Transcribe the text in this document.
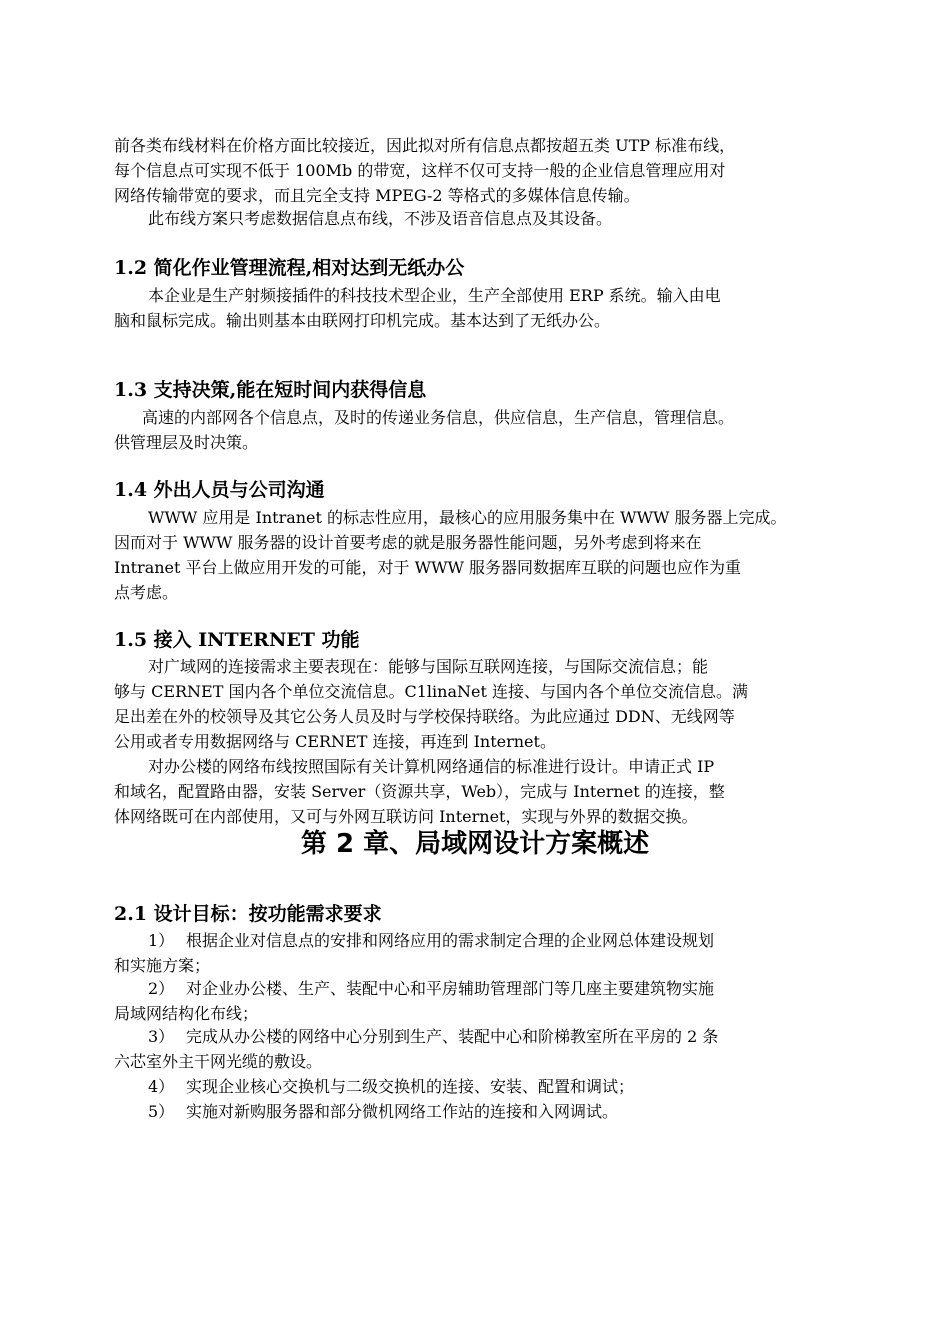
前各类布线材料在价格方面比较接近，因此拟对所有信息点都按超五类 UTP 标准布线，
每个信息点可实现不低于 100Mb 的带宽，这样不仅可支持一般的企业信息管理应用对
网络传输带宽的要求，而且完全支持 MPEG-2 等格式的多媒体信息传输。

此布线方案只考虑数据信息点布线，不涉及语音信息点及其设备。

1.2 简化作业管理流程,相对达到无纸办公

本企业是生产射频接插件的科技技术型企业，生产全部使用 ERP 系统。输入由电
脑和鼠标完成。输出则基本由联网打印机完成。基本达到了无纸办公。

1.3 支持决策,能在短时间内获得信息

高速的内部网各个信息点，及时的传递业务信息，供应信息，生产信息，管理信息。
供管理层及时决策。

1.4 外出人员与公司沟通

WWW 应用是 Intranet 的标志性应用，最核心的应用服务集中在 WWW 服务器上完成。
因而对于 WWW 服务器的设计首要考虑的就是服务器性能问题，另外考虑到将来在
Intranet 平台上做应用开发的可能，对于 WWW 服务器同数据库互联的问题也应作为重
点考虑。

1.5 接入 INTERNET 功能

对广域网的连接需求主要表现在：能够与国际互联网连接，与国际交流信息；能
够与 CERNET 国内各个单位交流信息。C1linaNet 连接、与国内各个单位交流信息。满
足出差在外的校领导及其它公务人员及时与学校保持联络。为此应通过 DDN、无线网等
公用或者专用数据网络与 CERNET 连接，再连到 Internet。

对办公楼的网络布线按照国际有关计算机网络通信的标准进行设计。申请正式 IP
和域名，配置路由器，安装 Server（资源共享，Web），完成与 Internet 的连接，整
体网络既可在内部使用，又可与外网互联访问 Internet，实现与外界的数据交换。

第 2 章、局域网设计方案概述
2.1 设计目标：按功能需求要求
1） 根据企业对信息点的安排和网络应用的需求制定合理的企业网总体建设规划
和实施方案；
2） 对企业办公楼、生产、装配中心和平房辅助管理部门等几座主要建筑物实施
局域网结构化布线；
3） 完成从办公楼的网络中心分别到生产、装配中心和阶梯教室所在平房的 2 条
六芯室外主干网光缆的敷设。
4） 实现企业核心交换机与二级交换机的连接、安装、配置和调试；
5） 实施对新购服务器和部分微机网络工作站的连接和入网调试。
